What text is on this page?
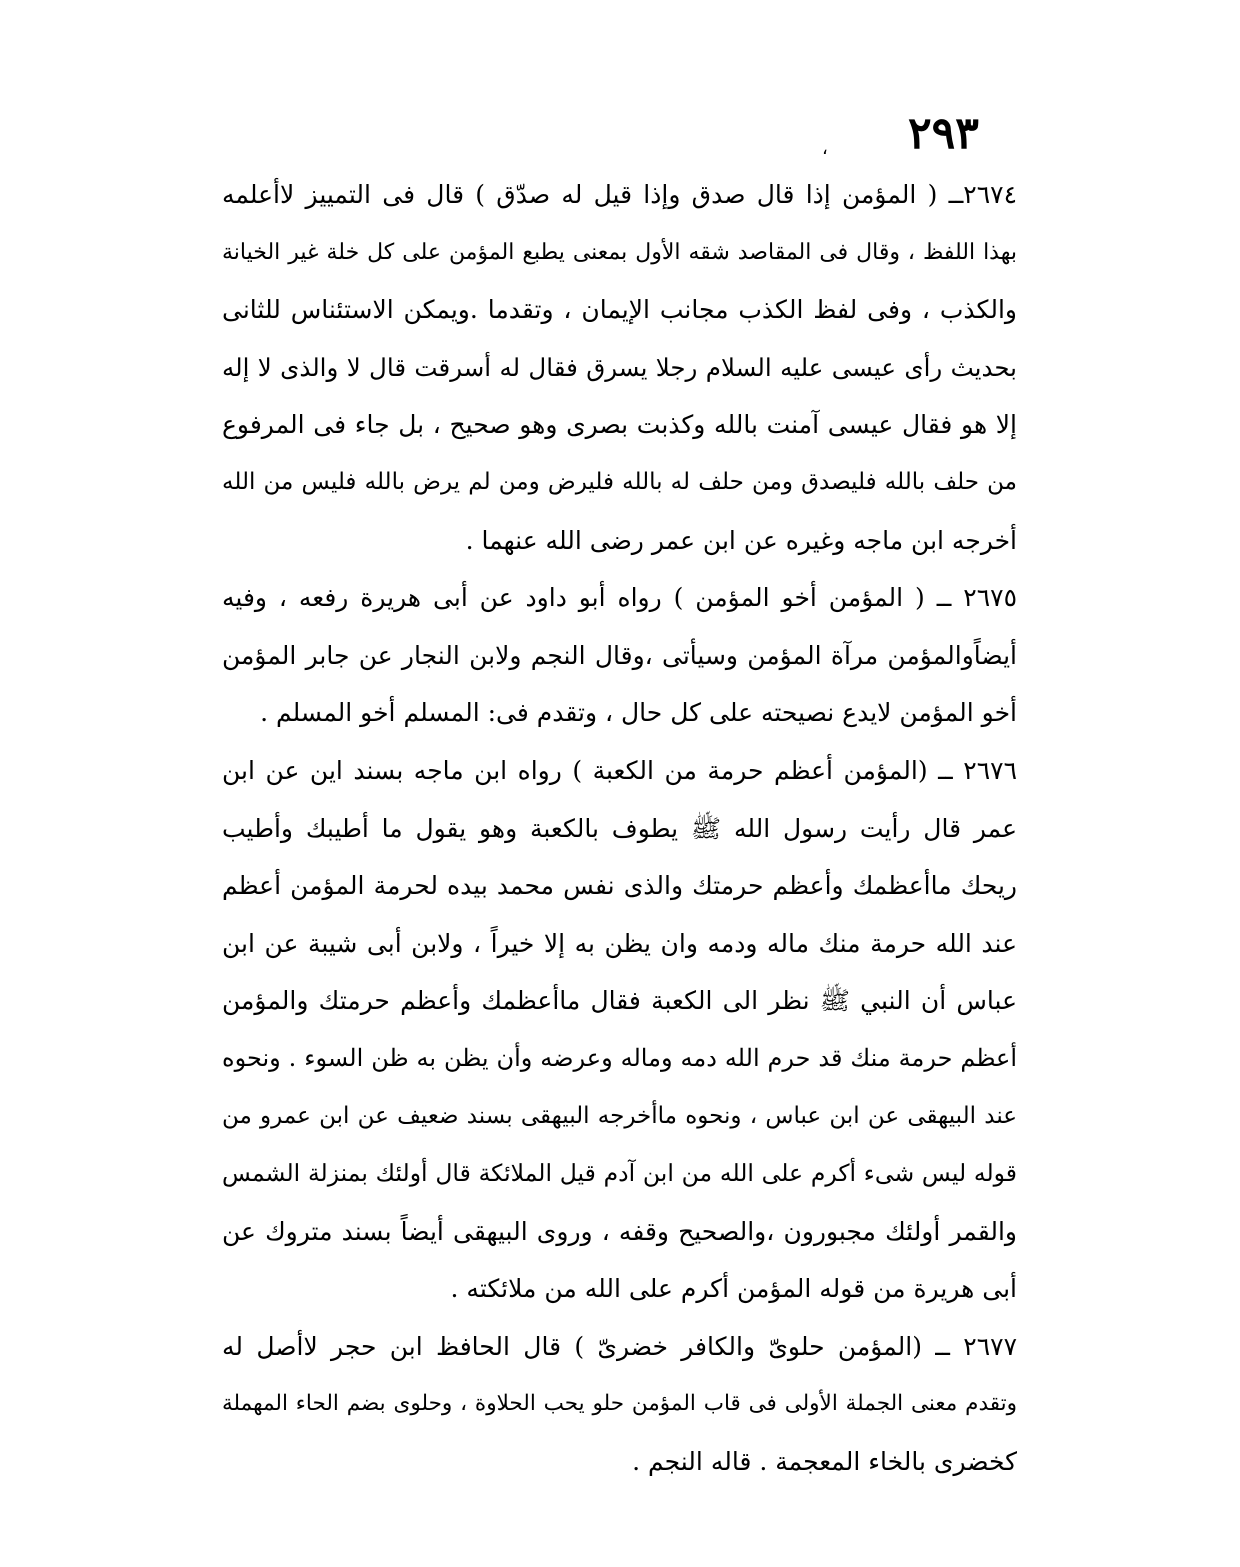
٢٩٣
،
٢٦٧٤ــ ( المؤمن إذا قال صدق وإذا قيل له صدّق ) قال فى التمييز لاأعلمه
بهذا اللفظ ، وقال فى المقاصد شقه الأول بمعنى يطبع المؤمن على كل خلة غير الخيانة
والكذب ، وفى لفظ الكذب مجانب الإيمان ، وتقدما .ويمكن الاستئناس للثانى
بحديث رأى عيسى عليه السلام رجلا يسرق فقال له أسرقت قال لا والذى لا إله
إلا هو فقال عيسى آمنت بالله وكذبت بصرى وهو صحيح ، بل جاء فى المرفوع
من حلف بالله فليصدق ومن حلف له بالله فليرض ومن لم يرض بالله فليس من الله
أخرجه ابن ماجه وغيره عن ابن عمر رضى الله عنهما .
٢٦٧٥ ــ ( المؤمن أخو المؤمن ) رواه أبو داود عن أبى هريرة رفعه ، وفيه
أيضاًوالمؤمن مرآة المؤمن وسيأتى ،وقال النجم ولابن النجار عن جابر المؤمن
أخو المؤمن لايدع نصيحته على كل حال ، وتقدم فى: المسلم أخو المسلم .
٢٦٧٦ ــ (المؤمن أعظم حرمة من الكعبة ) رواه ابن ماجه بسند اين عن ابن
عمر قال رأيت رسول الله ﷺ يطوف بالكعبة وهو يقول ما أطيبك وأطيب
ريحك ماأعظمك وأعظم حرمتك والذى نفس محمد بيده لحرمة المؤمن أعظم
عند الله حرمة منك ماله ودمه وان يظن به إلا خيراً ، ولابن أبى شيبة عن ابن
عباس أن النبي ﷺ نظر الى الكعبة فقال ماأعظمك وأعظم حرمتك والمؤمن
أعظم حرمة منك قد حرم الله دمه وماله وعرضه وأن يظن به ظن السوء . ونحوه
عند البيهقى عن ابن عباس ، ونحوه ماأخرجه البيهقى بسند ضعيف عن ابن عمرو من
قوله ليس شىء أكرم على الله من ابن آدم قيل الملائكة قال أولئك بمنزلة الشمس
والقمر أولئك مجبورون ،والصحيح وقفه ، وروى البيهقى أيضاً بسند متروك عن
أبى هريرة من قوله المؤمن أكرم على الله من ملائكته .
٢٦٧٧ ــ (المؤمن حلوىّ والكافر خضرىّ ) قال الحافظ ابن حجر لاأصل له
وتقدم معنى الجملة الأولى فى قاب المؤمن حلو يحب الحلاوة ، وحلوى بضم الحاء المهملة
كخضرى بالخاء المعجمة . قاله النجم .
